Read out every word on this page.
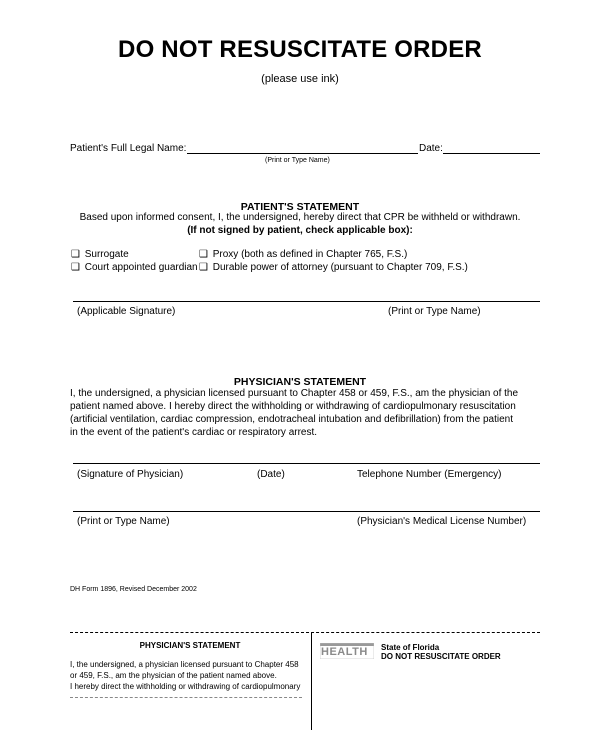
DO NOT RESUSCITATE ORDER
(please use ink)
Patient's Full Legal Name:	Date:
(Print or Type Name)
PATIENT'S STATEMENT
Based upon informed consent, I, the undersigned, hereby direct that CPR be withheld or withdrawn.
(If not signed by patient, check applicable box):
❑ Surrogate	❑ Proxy (both as defined in Chapter 765, F.S.)
❑ Court appointed guardian ❑ Durable power of attorney (pursuant to Chapter 709, F.S.)
(Applicable Signature)	(Print or Type Name)
PHYSICIAN'S STATEMENT
I, the undersigned, a physician licensed pursuant to Chapter 458 or 459, F.S., am the physician of the
patient named above. I hereby direct the withholding or withdrawing of cardiopulmonary resuscitation
(artificial ventilation, cardiac compression, endotracheal intubation and defibrillation) from the patient
in the event of the patient's cardiac or respiratory arrest.
(Signature of Physician)	(Date)	Telephone Number (Emergency)
(Print or Type Name)	(Physician's Medical License Number)
DH Form 1896, Revised December 2002
PHYSICIAN'S STATEMENT
I, the undersigned, a physician licensed pursuant to Chapter 458
or 459, F.S., am the physician of the patient named above.
I hereby direct the withholding or withdrawing of cardiopulmonary
HEALTH State of Florida
DO NOT RESUSCITATE ORDER
